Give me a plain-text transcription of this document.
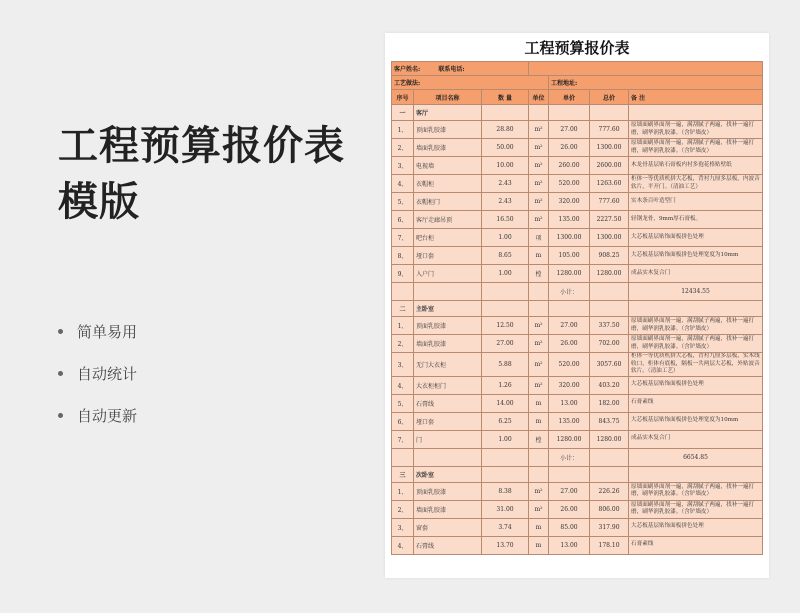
工程预算报价表模版
简单易用
自动统计
自动更新
工程预算报价表
客户姓名: 联系电话:						
工艺做法:				工程地址:		
序号	项目名称	数 量	单位	单价	总价	备 注
一	客厅					
1、	顶面乳胶漆	28.80	m²	27.00	777.60	原墙面刷界面剂一遍，满刮腻子两遍，找补一遍打磨，刷华润乳胶漆。（含铲墙皮）
2、	墙面乳胶漆	50.00	m²	26.00	1300.00	原墙面刷界面剂一遍，满刮腻子两遍，找补一遍打磨，刷华润乳胶漆。（含铲墙皮）
3、	电视墙	10.00	m²	260.00	2600.00	木龙骨基层贴石膏板内衬多孢花格贴壁纸
4、	衣帽柜	2.43	m²	520.00	1263.60	柜体一等优质机拼大芯板，背衬九厘多层板，内波音软片，平开门。（清油工艺）
5、	衣帽柜门	2.43	m²	320.00	777.60	实木条百叶造型门
6、	客厅走廊吊顶	16.50	m²	135.00	2227.50	轻钢龙骨，9mm厚石膏板。
7、	吧台柜	1.00	项	1300.00	1300.00	大芯板基层贴饰面板拼色处理
8、	垭口套	8.65	m	105.00	908.25	大芯板基层贴饰面板拼色处理宽度为10mm
9、	入户门	1.00	樘	1280.00	1280.00	成品实木复合门
				小计：		12434.55
二	主卧室					
1、	顶面乳胶漆	12.50	m²	27.00	337.50	原墙面刷界面剂一遍，满刮腻子两遍，找补一遍打磨，刷华润乳胶漆。（含铲墙皮）
2、	墙面乳胶漆	27.00	m²	26.00	702.00	原墙面刷界面剂一遍，满刮腻子两遍，找补一遍打磨，刷华润乳胶漆。（含铲墙皮）
3、	无门大衣柜	5.88	m²	520.00	3057.60	柜体一等优质机拼大芯板，背衬九厘多层板，实木线收口，柜体有底板，隔板一共两层大芯板，外贴波音软片。（清油工艺）
4、	大衣柜柜门	1.26	m²	320.00	403.20	大芯板基层贴饰面板拼色处理
5、	石膏线	14.00	m	13.00	182.00	石膏素线
6、	垭口套	6.25	m	135.00	843.75	大芯板基层贴饰面板拼色处理宽度为10mm
7、	门	1.00	樘	1280.00	1280.00	成品实木复合门
				小计：		6654.85
三	次卧室					
1、	顶面乳胶漆	8.38	m²	27.00	226.26	原墙面刷界面剂一遍，满刮腻子两遍，找补一遍打磨，刷华润乳胶漆。（含铲墙皮）
2、	墙面乳胶漆	31.00	m²	26.00	806.00	原墙面刷界面剂一遍，满刮腻子两遍，找补一遍打磨，刷华润乳胶漆。（含铲墙皮）
3、	窗套	3.74	m	85.00	317.90	大芯板基层贴饰面板拼色处理
4、	石膏线	13.70	m	13.00	178.10	石膏素线
